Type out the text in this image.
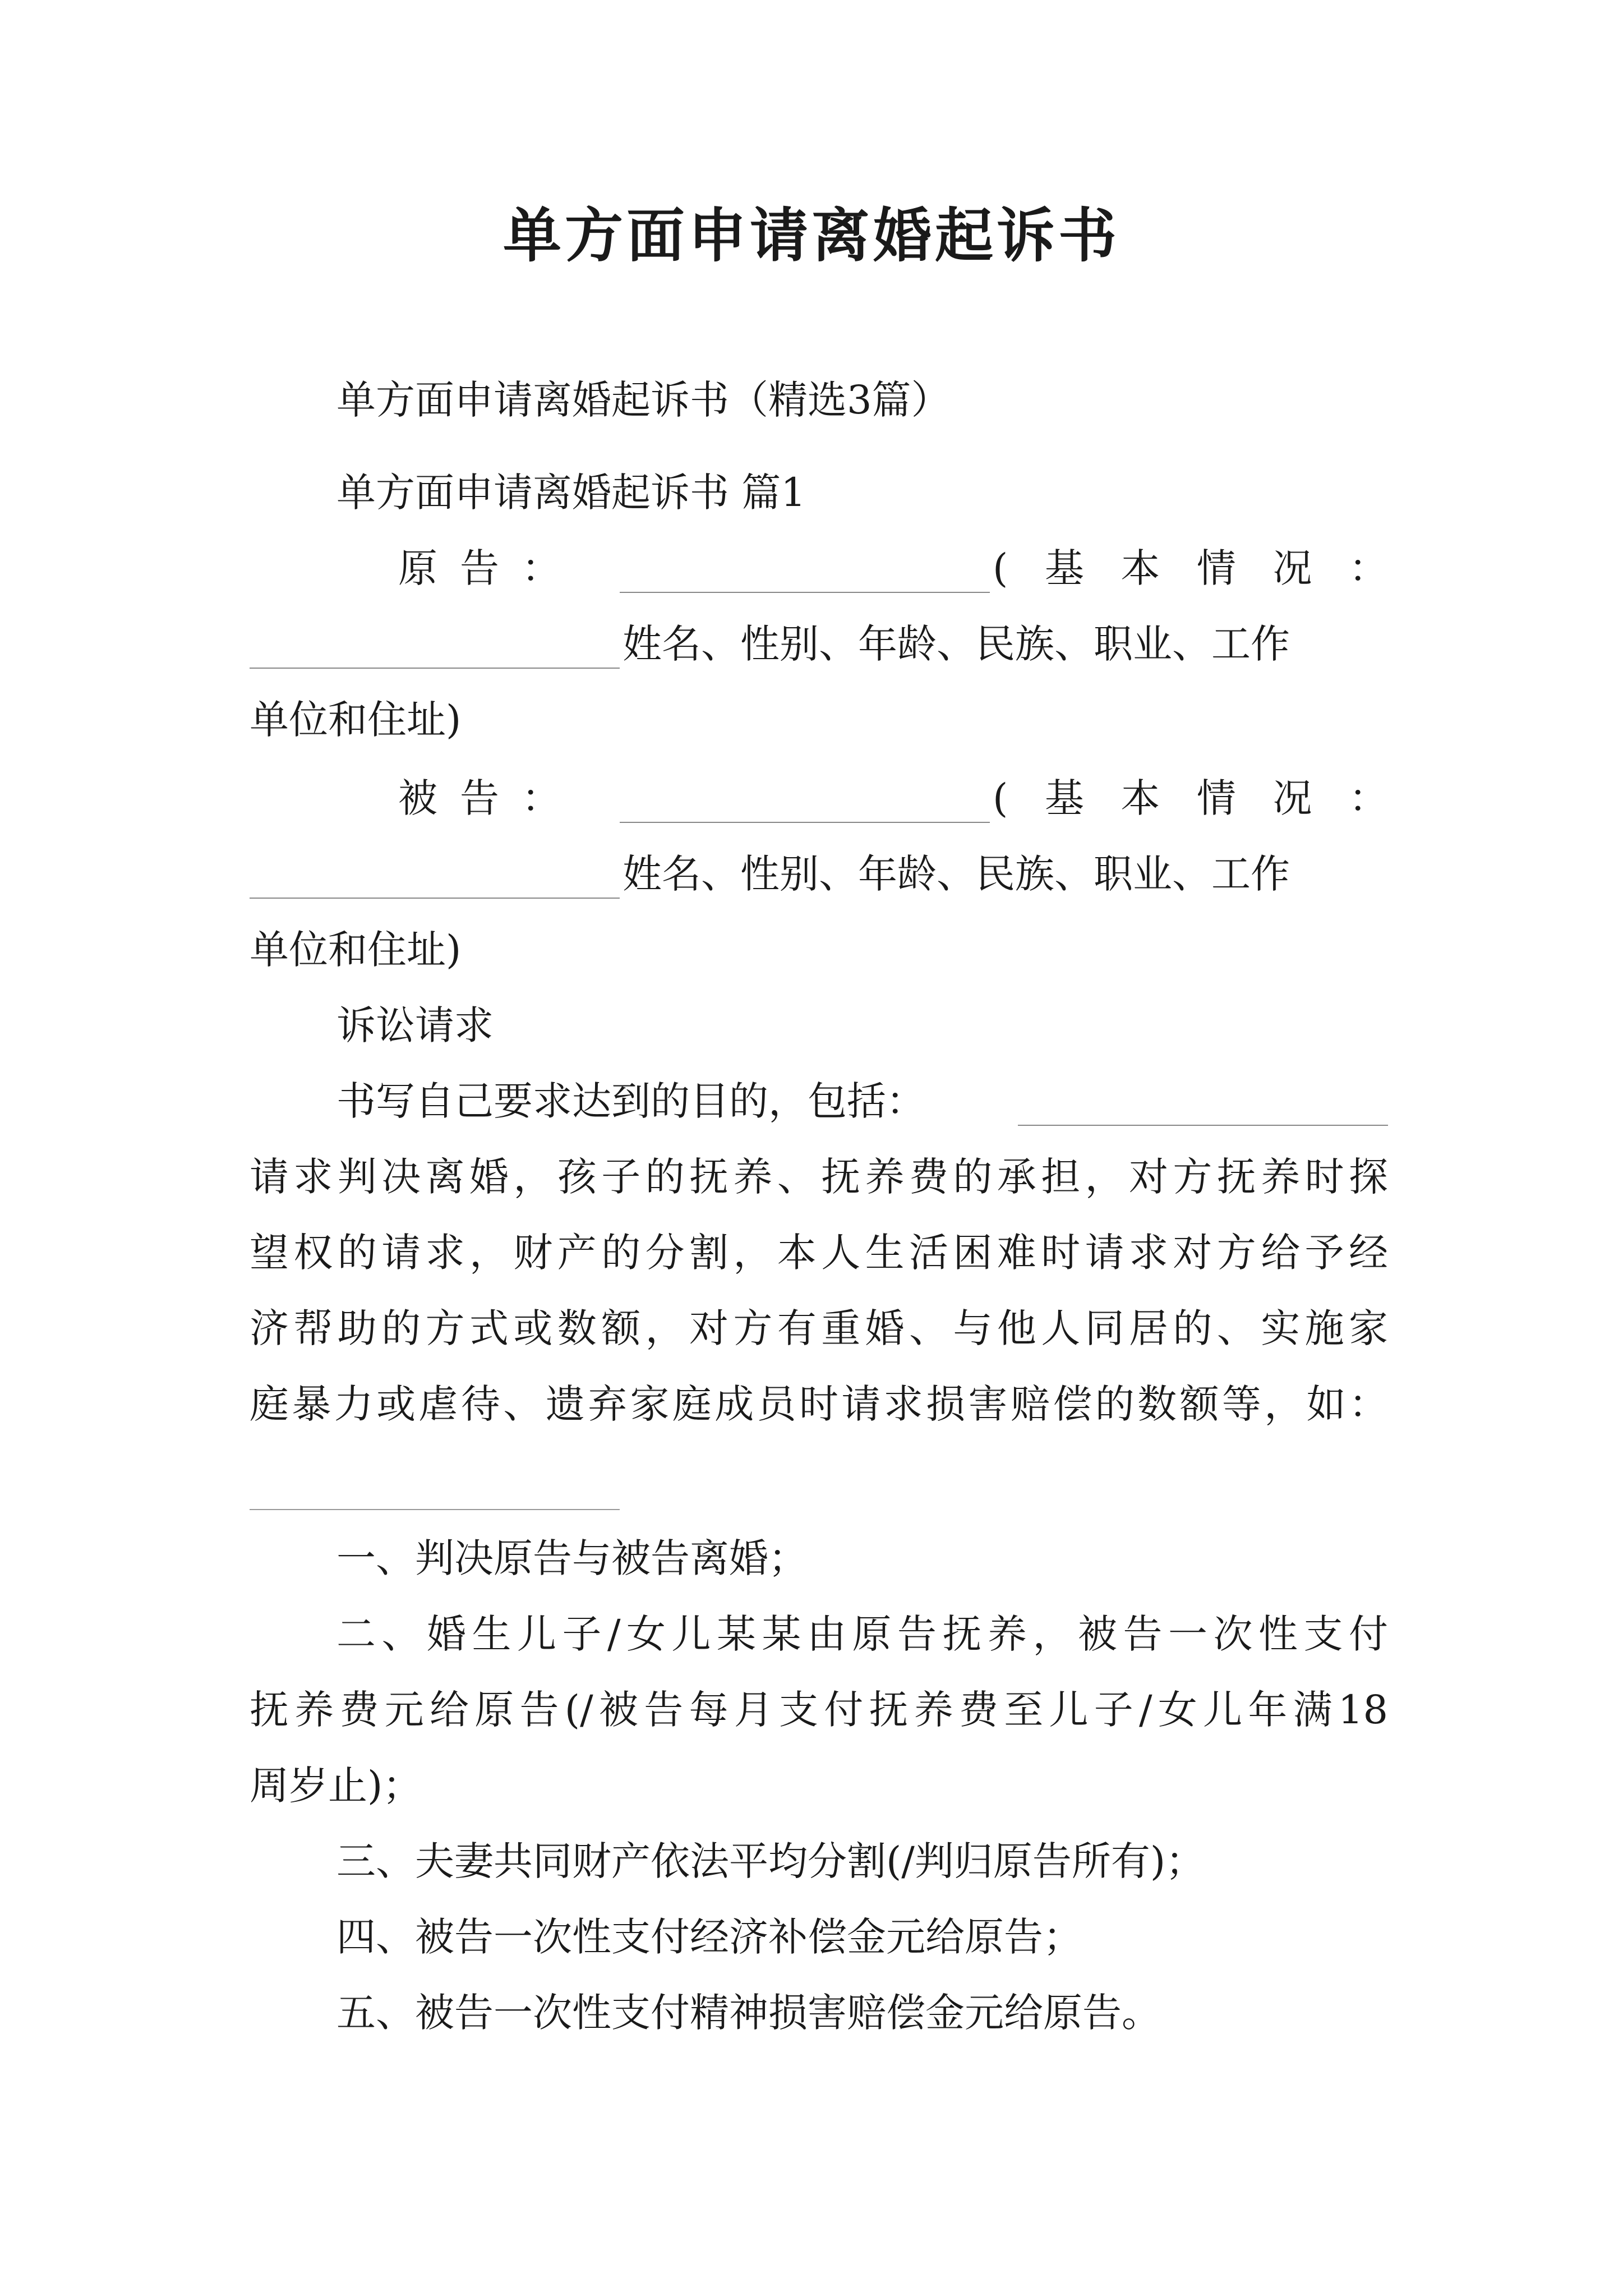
单方面申请离婚起诉书
单方面申请离婚起诉书（精选3篇）
单方面申请离婚起诉书 篇1
原 告 ：	( 基 本 情 况 ：
姓名、性别、年龄、民族、职业、工作
单位和住址)
被 告 ：	( 基 本 情 况 ：
姓名、性别、年龄、民族、职业、工作
单位和住址)
诉讼请求
书写自己要求达到的目的，包括：
请求判决离婚，孩子的抚养、抚养费的承担，对方抚养时探
望权的请求，财产的分割，本人生活困难时请求对方给予经
济帮助的方式或数额，对方有重婚、与他人同居的、实施家
庭暴力或虐待、遗弃家庭成员时请求损害赔偿的数额等，如：
一、判决原告与被告离婚；
二、婚生儿子/女儿某某由原告抚养，被告一次性支付
抚养费元给原告(/被告每月支付抚养费至儿子/女儿年满18
周岁止)；
三、夫妻共同财产依法平均分割(/判归原告所有)；
四、被告一次性支付经济补偿金元给原告；
五、被告一次性支付精神损害赔偿金元给原告。
